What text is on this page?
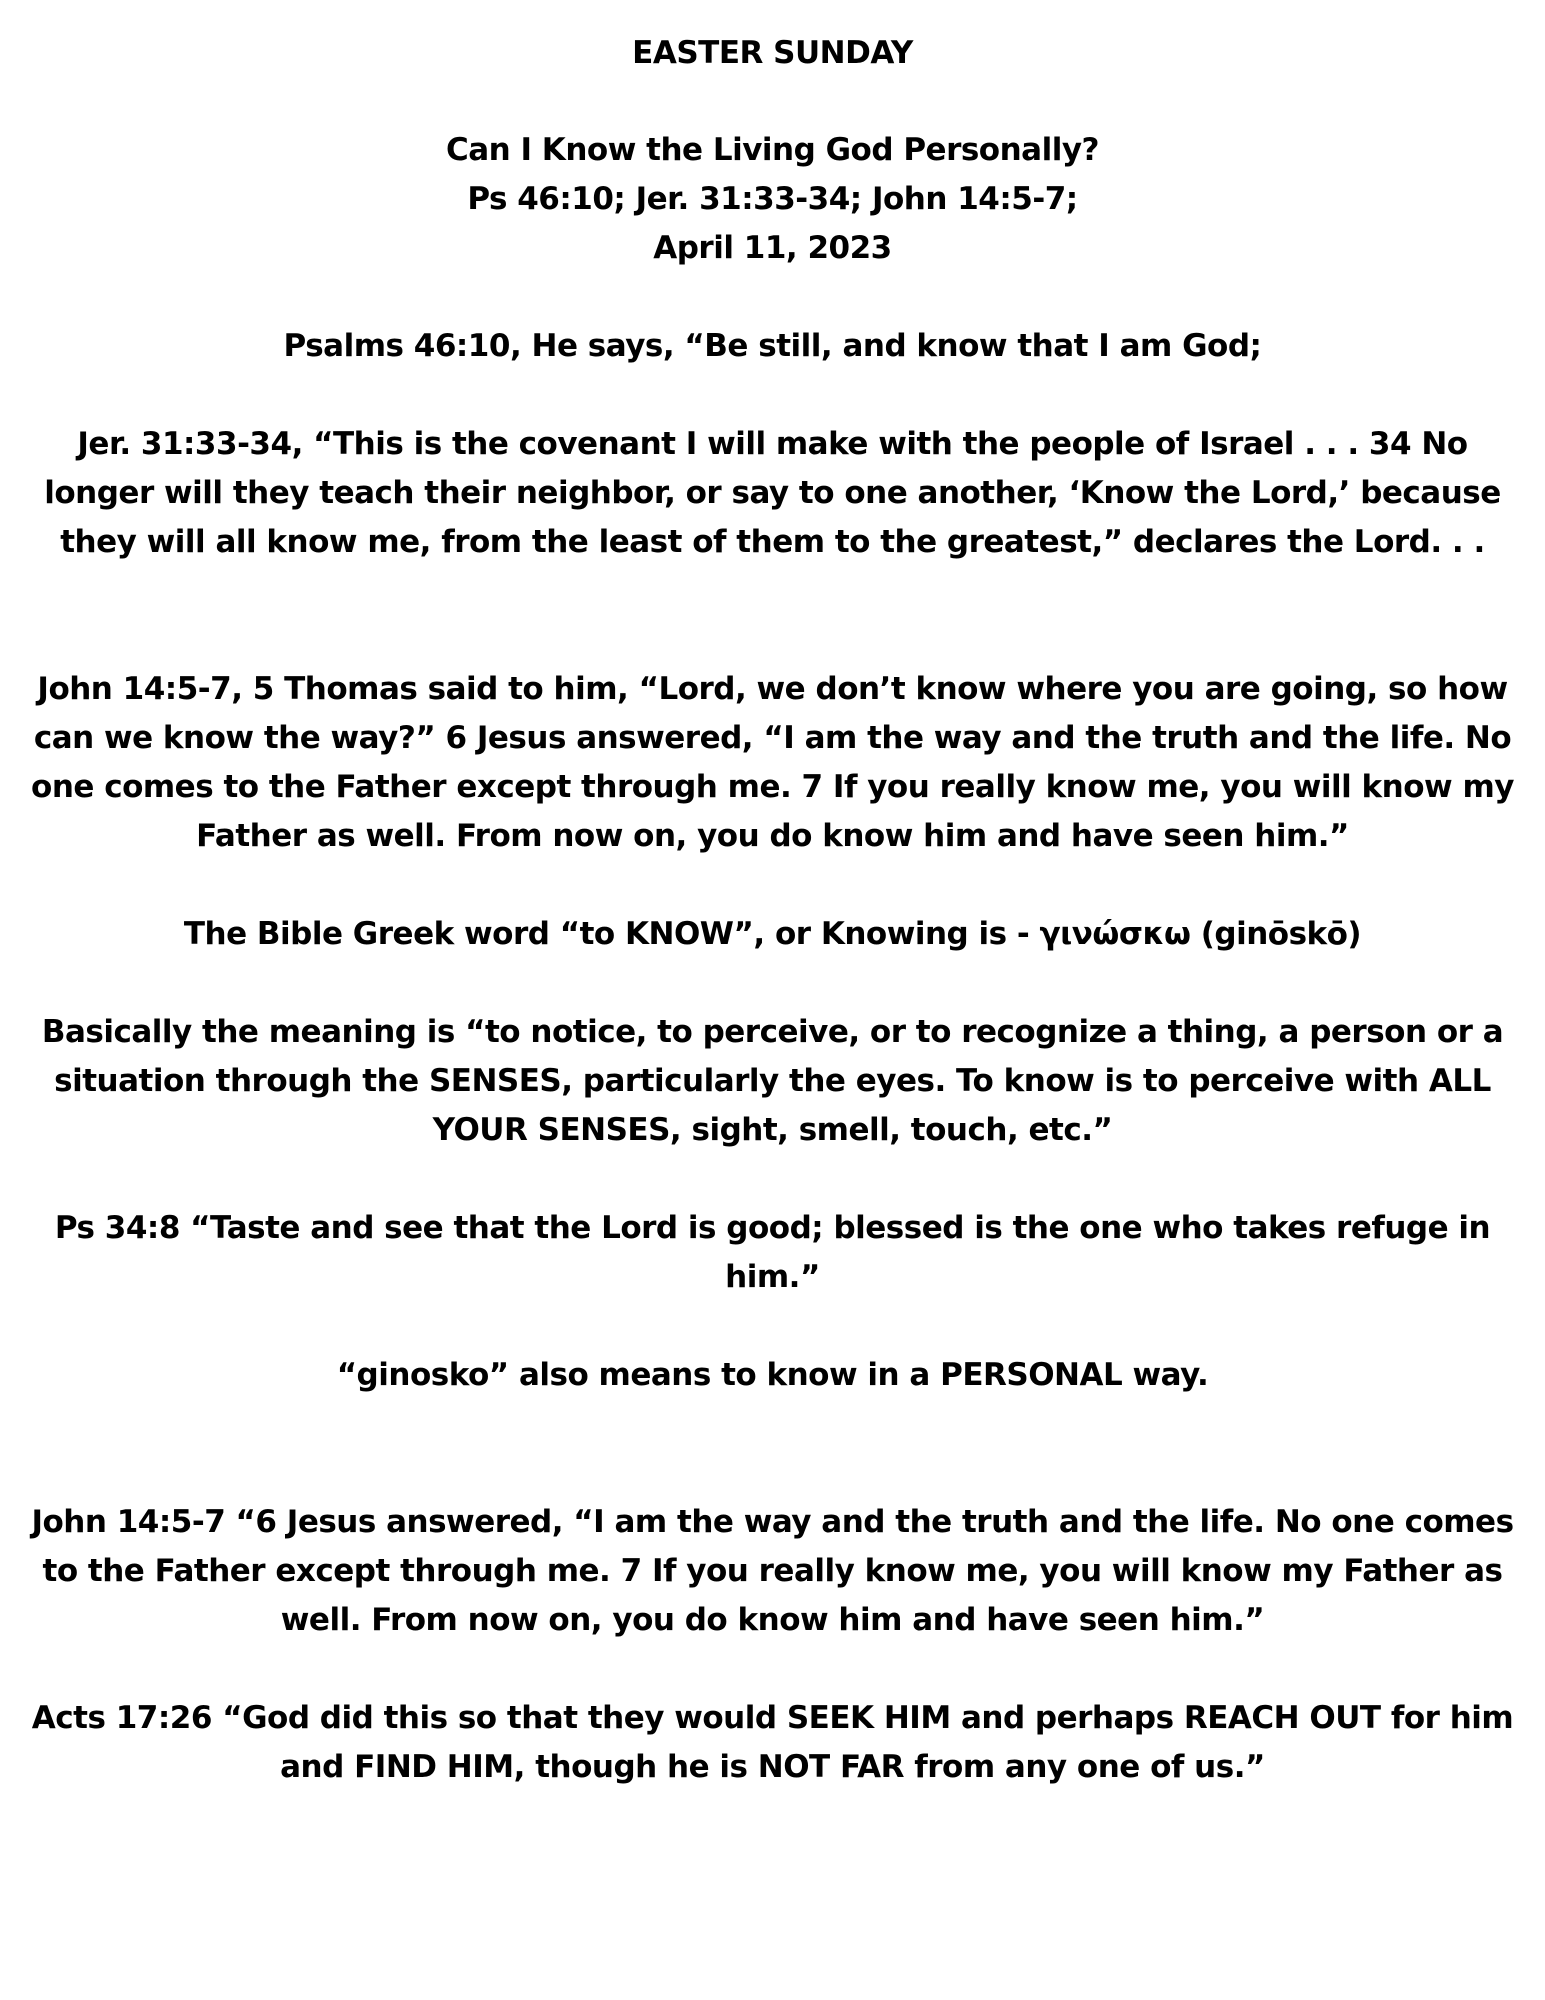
EASTER SUNDAY

Can I Know the Living God Personally?

Ps 46:10; Jer. 31:33-34; John 14:5-7;

April 11, 2023

Psalms 46:10, He says, “Be still, and know that I am God;

Jer. 31:33-34, “This is the covenant I will make with the people of Israel . . . 34 No longer will they teach their neighbor, or say to one another, ‘Know the Lord,’ because they will all know me, from the least of them to the greatest,” declares the Lord. . .

John 14:5-7, 5 Thomas said to him, “Lord, we don’t know where you are going, so how can we know the way?” 6 Jesus answered, “I am the way and the truth and the life. No one comes to the Father except through me. 7 If you really know me, you will know my Father as well. From now on, you do know him and have seen him.”

The Bible Greek word “to KNOW”, or Knowing is - γινώσκω (ginōskō)

Basically the meaning is “to notice, to perceive, or to recognize a thing, a person or a situation through the SENSES, particularly the eyes. To know is to perceive with ALL YOUR SENSES, sight, smell, touch, etc.”

Ps 34:8 “Taste and see that the Lord is good; blessed is the one who takes refuge in him.”

“ginosko” also means to know in a PERSONAL way.

John 14:5-7 “6 Jesus answered, “I am the way and the truth and the life. No one comes to the Father except through me. 7 If you really know me, you will know my Father as well. From now on, you do know him and have seen him.”

Acts 17:26 “God did this so that they would SEEK HIM and perhaps REACH OUT for him and FIND HIM, though he is NOT FAR from any one of us.”
